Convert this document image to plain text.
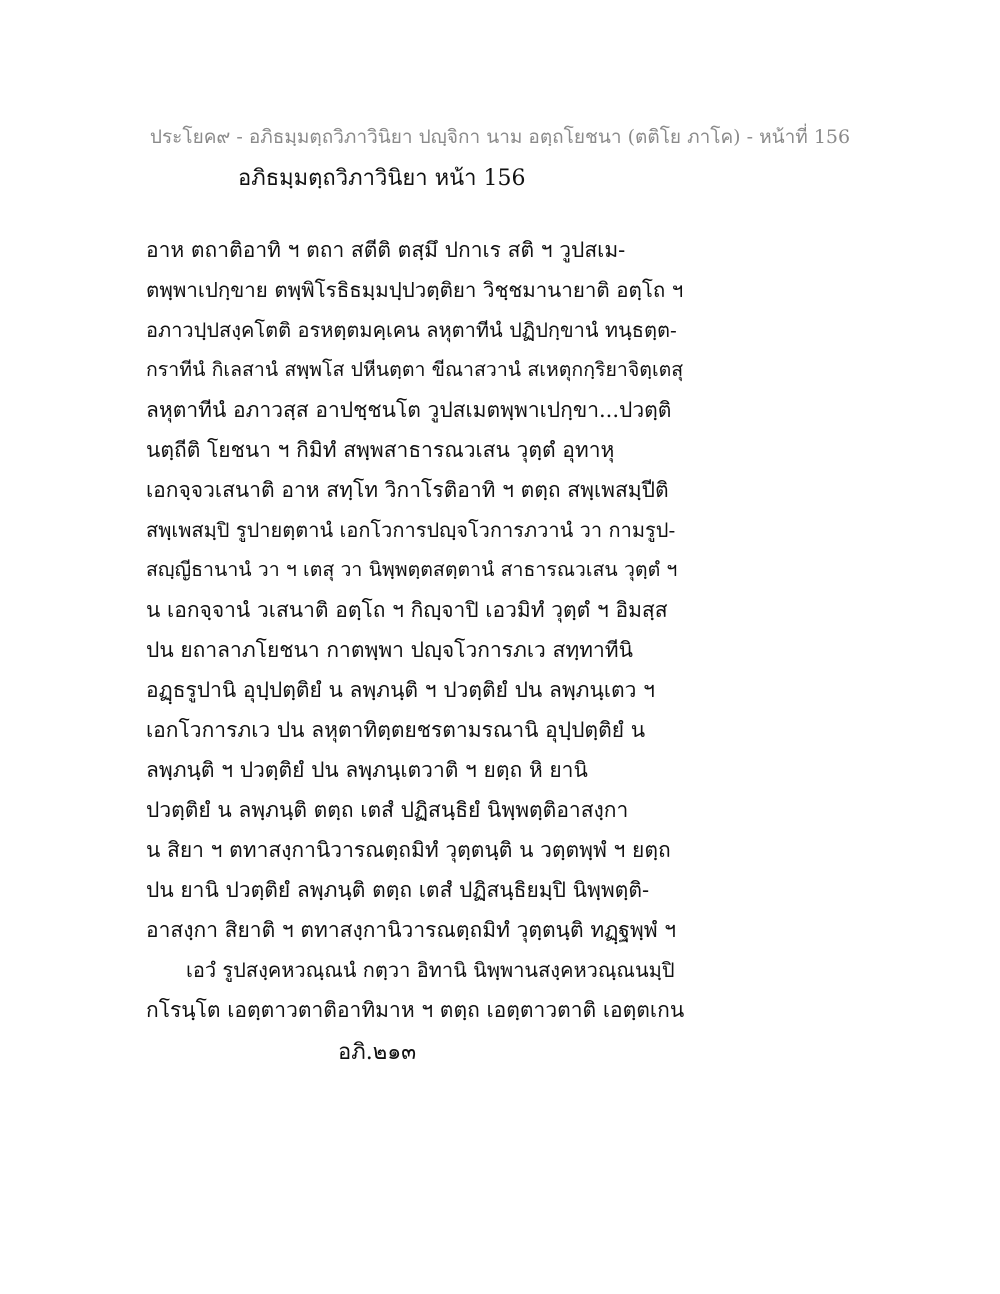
ประโยค๙ - อภิธมฺมตฺถวิภาวินิยา ปญฺจิกา นาม อตฺถโยชนา (ตติโย ภาโค) - หน้าที่ 156
อภิธมฺมตฺถวิภาวินิยา หน้า 156
อาห ตถาติอาทิ ฯ ตถา สตีติ ตสฺมึ ปกาเร สติ ฯ วูปสเม-
ตพฺพาเปกฺขาย ตพฺพิโรธิธมฺมปฺปวตฺติยา วิชฺชมานายาติ อตฺโถ ฯ
อภาวปฺปสงฺคโตติ อรหตฺตมคฺเคน ลหุตาทีนํ ปฏิปกฺขานํ ทนฺธตฺต-
กราทีนํ กิเลสานํ สพฺพโส ปหีนตฺตา ขีณาสวานํ สเหตุกกฺริยาจิตฺเตสุ
ลหุตาทีนํ อภาวสฺส อาปชฺชนโต วูปสเมตพฺพาเปกฺขา...ปวตฺติ
นตฺถีติ โยชนา ฯ กิมิทํ สพฺพสาธารณวเสน วุตฺตํ อุทาหุ
เอกจฺจวเสนาติ อาห สทฺโท วิกาโรติอาทิ ฯ ตตฺถ สพฺเพสมฺปีติ
สพฺเพสมฺปิ รูปายตฺตานํ เอกโวการปญฺจโวการภวานํ วา กามรูป-
สญฺญีธานานํ วา ฯ เตสุ วา นิพฺพตฺตสตฺตานํ สาธารณวเสน วุตฺตํ ฯ
น เอกจฺจานํ วเสนาติ อตฺโถ ฯ กิญฺจาปิ เอวมิทํ วุตฺตํ ฯ อิมสฺส
ปน ยถาลาภโยชนา กาตพฺพา ปญฺจโวการภเว สทฺทาทีนิ
อฏฺธรูปานิ อุปฺปตฺติยํ น ลพฺภนฺติ ฯ ปวตฺติยํ ปน ลพฺภนฺเตว ฯ
เอกโวการภเว ปน ลหุตาทิตฺตยชรตามรณานิ อุปฺปตฺติยํ น
ลพฺภนฺติ ฯ ปวตฺติยํ ปน ลพฺภนฺเตวาติ ฯ ยตฺถ หิ ยานิ
ปวตฺติยํ น ลพฺภนฺติ ตตฺถ เตสํ ปฏิสนฺธิยํ นิพฺพตฺติอาสงฺกา
น สิยา ฯ ตทาสงฺกานิวารณตฺถมิทํ วุตฺตนฺติ น วตฺตพฺพํ ฯ ยตฺถ
ปน ยานิ ปวตฺติยํ ลพฺภนฺติ ตตฺถ เตสํ ปฏิสนฺธิยมฺปิ นิพฺพตฺติ-
อาสงฺกา สิยาติ ฯ ตทาสงฺกานิวารณตฺถมิทํ วุตฺตนฺติ ทฏฺฐพฺพํ ฯ
เอวํ รูปสงฺคหวณฺณนํ กตฺวา อิทานิ นิพฺพานสงฺคหวณฺณนมฺปิ
กโรนฺโต เอตฺตาวตาติอาทิมาห ฯ ตตฺถ เอตฺตาวตาติ เอตฺตเกน
อภิ.๒๑๓
